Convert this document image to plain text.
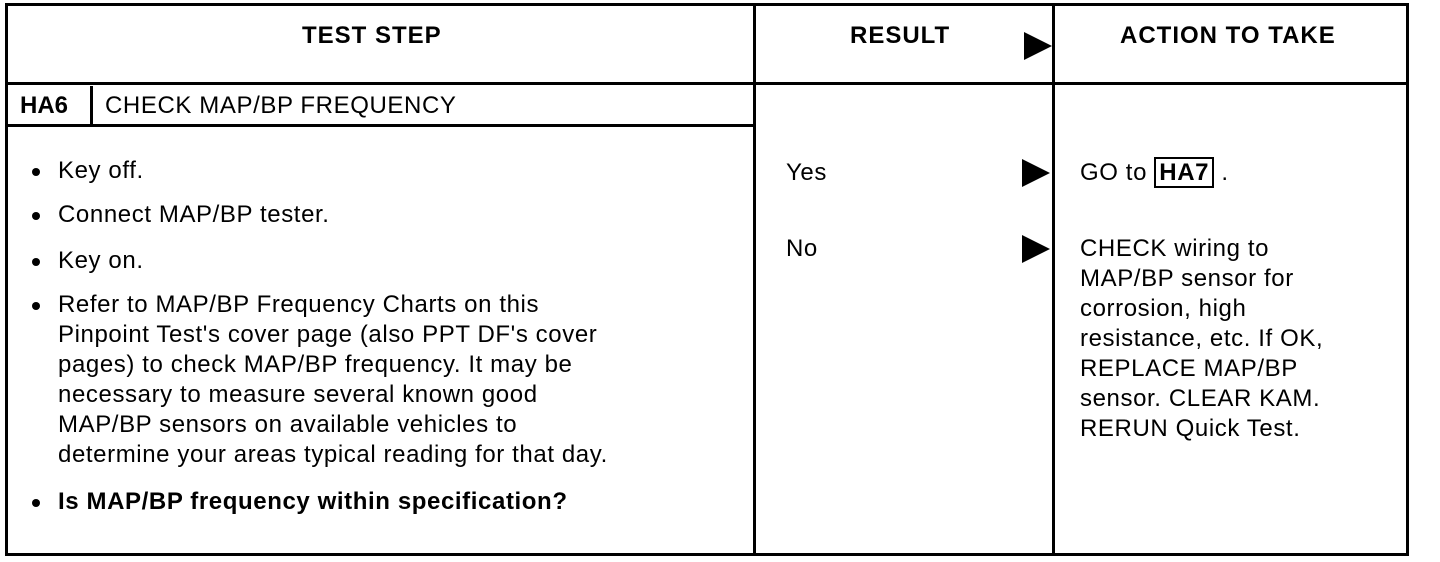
TEST STEP	RESULT	ACTION TO TAKE
HA6 CHECK MAP/BP FREQUENCY
Key off.
Connect MAP/BP tester.
Key on.
Refer to MAP/BP Frequency Charts on this
Pinpoint Test's cover page (also PPT DF's cover
pages) to check MAP/BP frequency. It may be
necessary to measure several known good
MAP/BP sensors on available vehicles to
determine your areas typical reading for that day.
Is MAP/BP frequency within specification?
Yes
No
GO to HA7 .
CHECK wiring to
MAP/BP sensor for
corrosion, high
resistance, etc. If OK,
REPLACE MAP/BP
sensor. CLEAR KAM.
RERUN Quick Test.
